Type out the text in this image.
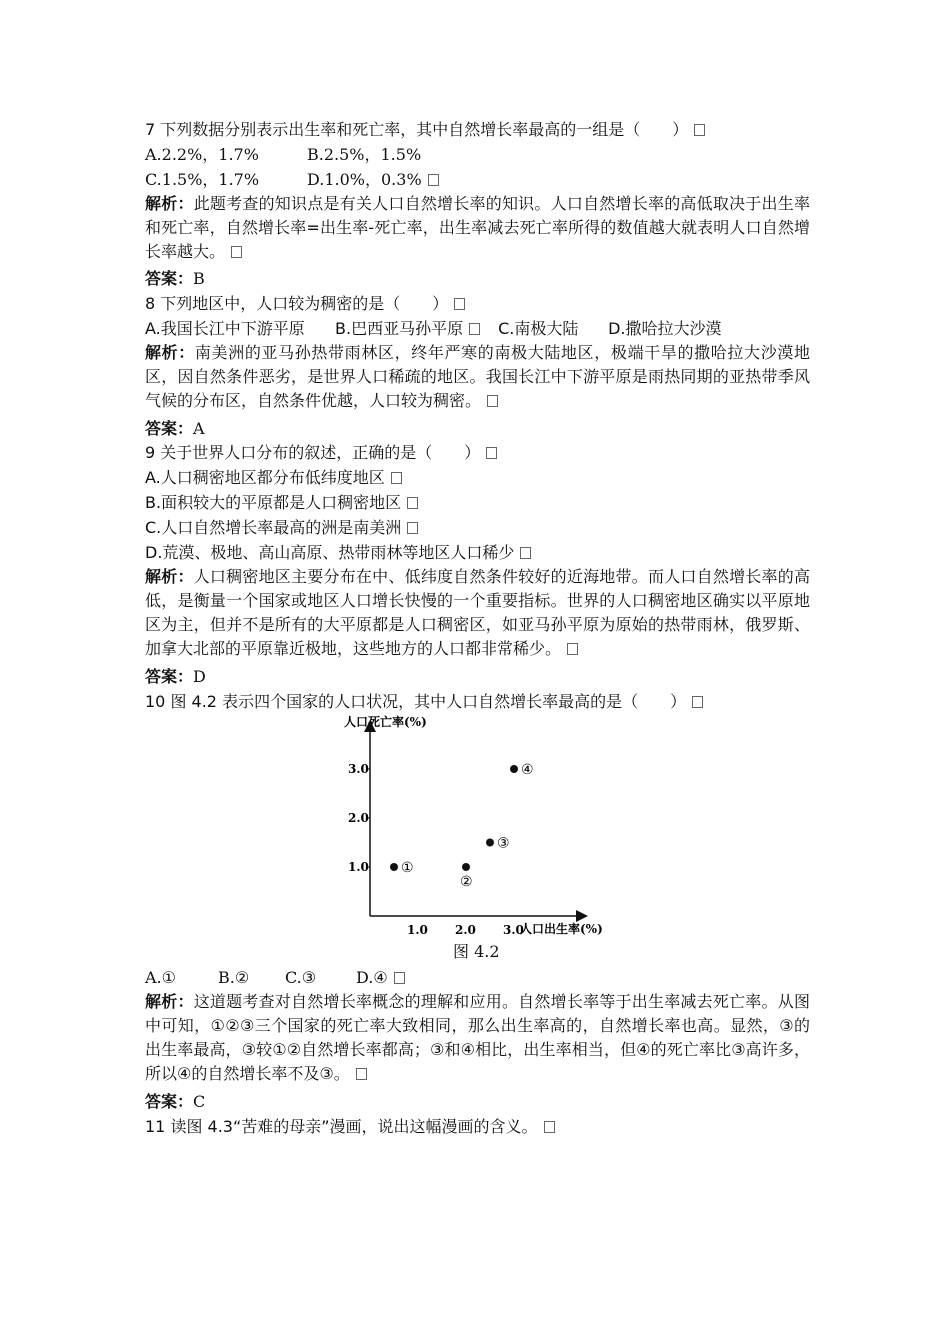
7 下列数据分别表示出生率和死亡率，其中自然增长率最高的一组是（　　）
A.2.2%，1.7%	B.2.5%，1.5%
C.1.5%，1.7%	D.1.0%，0.3%
解析：此题考查的知识点是有关人口自然增长率的知识。人口自然增长率的高低取决于出生率和死亡率，自然增长率=出生率-死亡率，出生率减去死亡率所得的数值越大就表明人口自然增长率越大。
答案：B
8 下列地区中，人口较为稠密的是（　　）
A.我国长江中下游平原 B.巴西亚马孙平原 C.南极大陆 D.撒哈拉大沙漠
解析：南美洲的亚马孙热带雨林区，终年严寒的南极大陆地区，极端干旱的撒哈拉大沙漠地区，因自然条件恶劣，是世界人口稀疏的地区。我国长江中下游平原是雨热同期的亚热带季风气候的分布区，自然条件优越，人口较为稠密。
答案：A
9 关于世界人口分布的叙述，正确的是（　　）
A.人口稠密地区都分布低纬度地区
B.面积较大的平原都是人口稠密地区
C.人口自然增长率最高的洲是南美洲
D.荒漠、极地、高山高原、热带雨林等地区人口稀少
解析：人口稠密地区主要分布在中、低纬度自然条件较好的近海地带。而人口自然增长率的高低，是衡量一个国家或地区人口增长快慢的一个重要指标。世界的人口稠密地区确实以平原地区为主，但并不是所有的大平原都是人口稠密区，如亚马孙平原为原始的热带雨林，俄罗斯、加拿大北部的平原靠近极地，这些地方的人口都非常稀少。
答案：D
10 图 4.2 表示四个国家的人口状况，其中人口自然增长率最高的是（　　）
人口死亡率(%)
人口出生率(%)
1.0
2.0
3.0
1.0 2.0 3.0
①
②
③
④
图 4.2
A.①	B.② C.③ D.④
解析：这道题考查对自然增长率概念的理解和应用。自然增长率等于出生率减去死亡率。从图中可知，①②③三个国家的死亡率大致相同，那么出生率高的，自然增长率也高。显然，③的出生率最高，③较①②自然增长率都高；③和④相比，出生率相当，但④的死亡率比③高许多，所以④的自然增长率不及③。
答案：C
11 读图 4.3“苦难的母亲”漫画，说出这幅漫画的含义。
